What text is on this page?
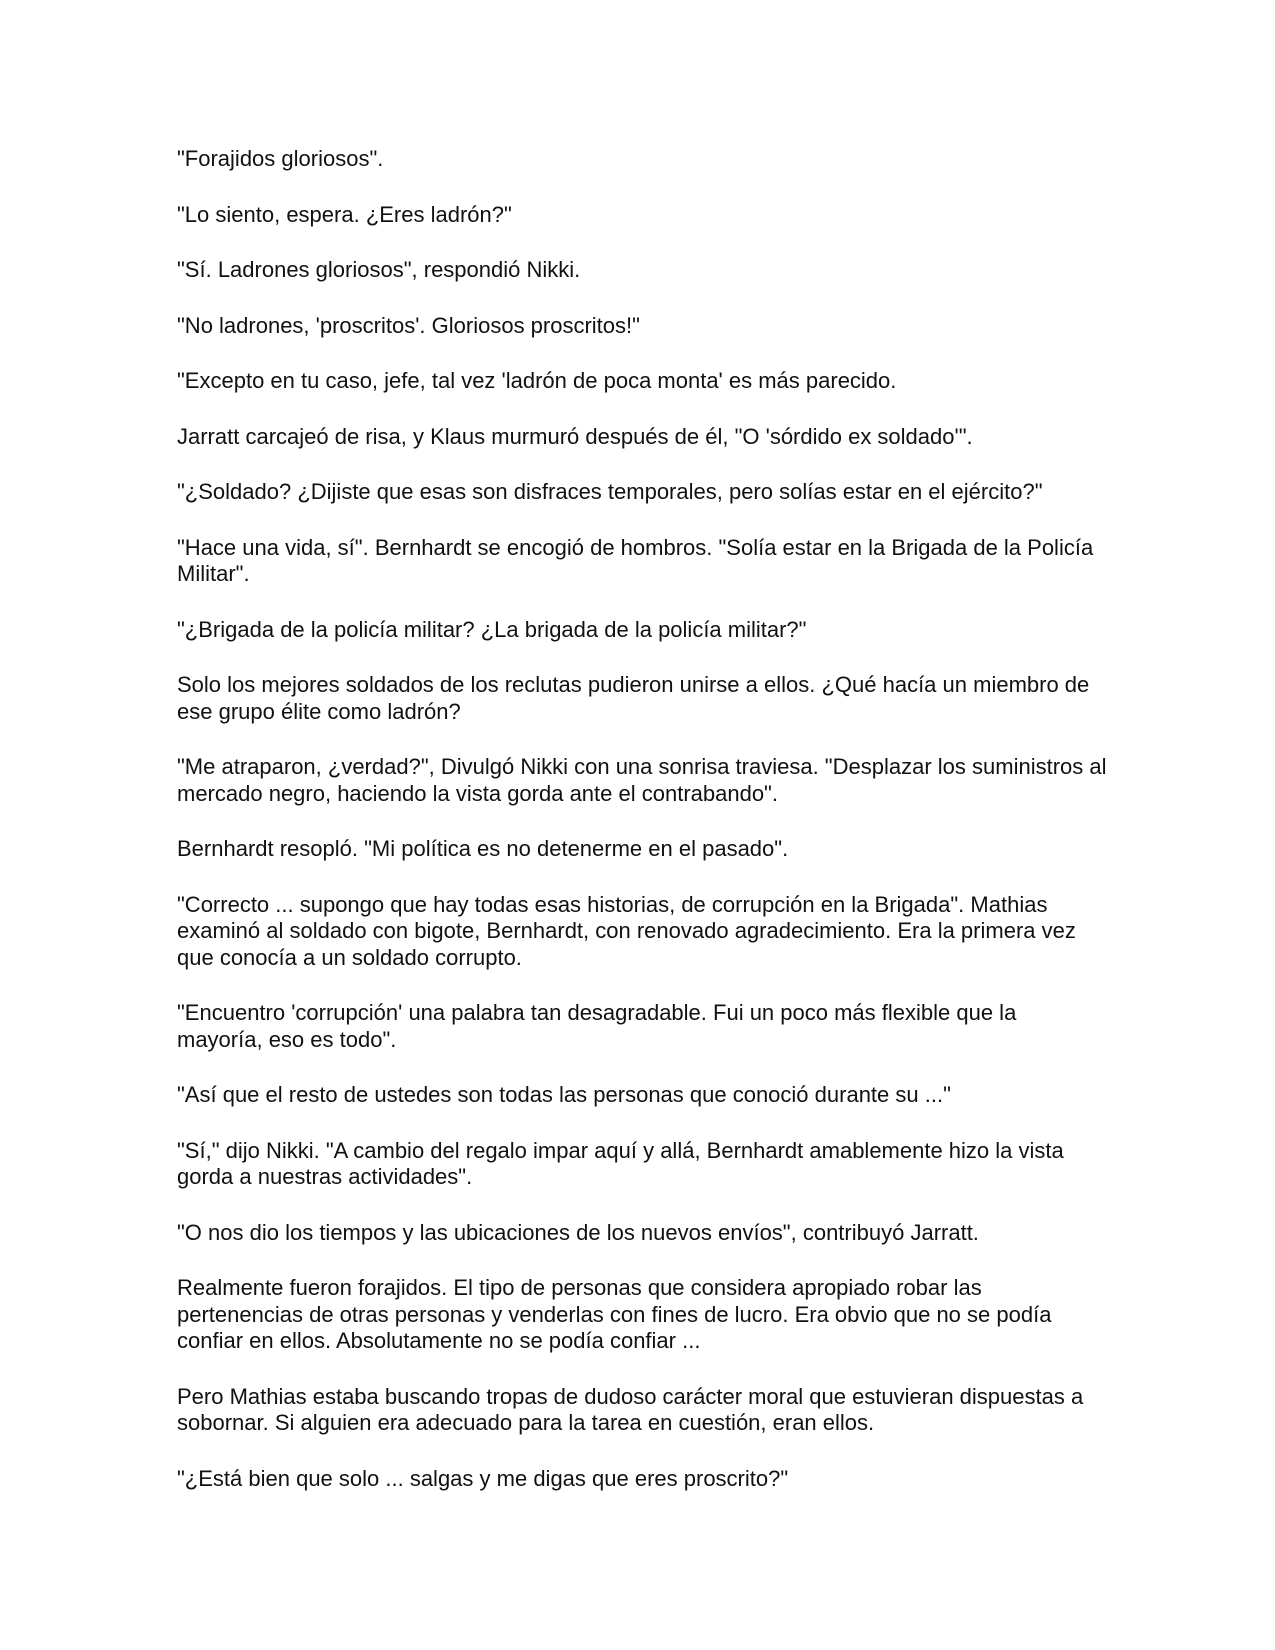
"Forajidos gloriosos".

"Lo siento, espera. ¿Eres ladrón?"

"Sí. Ladrones gloriosos", respondió Nikki.

"No ladrones, 'proscritos'. Gloriosos proscritos!"

"Excepto en tu caso, jefe, tal vez 'ladrón de poca monta' es más parecido.

Jarratt carcajeó de risa, y Klaus murmuró después de él, "O 'sórdido ex soldado'".

"¿Soldado? ¿Dijiste que esas son disfraces temporales, pero solías estar en el ejército?"

"Hace una vida, sí". Bernhardt se encogió de hombros. "Solía estar en la Brigada de la Policía Militar".

"¿Brigada de la policía militar? ¿La brigada de la policía militar?"

Solo los mejores soldados de los reclutas pudieron unirse a ellos. ¿Qué hacía un miembro de ese grupo élite como ladrón?

"Me atraparon, ¿verdad?", Divulgó Nikki con una sonrisa traviesa. "Desplazar los suministros al mercado negro, haciendo la vista gorda ante el contrabando".

Bernhardt resopló. "Mi política es no detenerme en el pasado".

"Correcto ... supongo que hay todas esas historias, de corrupción en la Brigada". Mathias examinó al soldado con bigote, Bernhardt, con renovado agradecimiento. Era la primera vez que conocía a un soldado corrupto.

"Encuentro 'corrupción' una palabra tan desagradable. Fui un poco más flexible que la mayoría, eso es todo".

"Así que el resto de ustedes son todas las personas que conoció durante su ..."

"Sí," dijo Nikki. "A cambio del regalo impar aquí y allá, Bernhardt amablemente hizo la vista gorda a nuestras actividades".

"O nos dio los tiempos y las ubicaciones de los nuevos envíos", contribuyó Jarratt.

Realmente fueron forajidos. El tipo de personas que considera apropiado robar las pertenencias de otras personas y venderlas con fines de lucro. Era obvio que no se podía confiar en ellos. Absolutamente no se podía confiar ...

Pero Mathias estaba buscando tropas de dudoso carácter moral que estuvieran dispuestas a sobornar. Si alguien era adecuado para la tarea en cuestión, eran ellos.

"¿Está bien que solo ... salgas y me digas que eres proscrito?"
